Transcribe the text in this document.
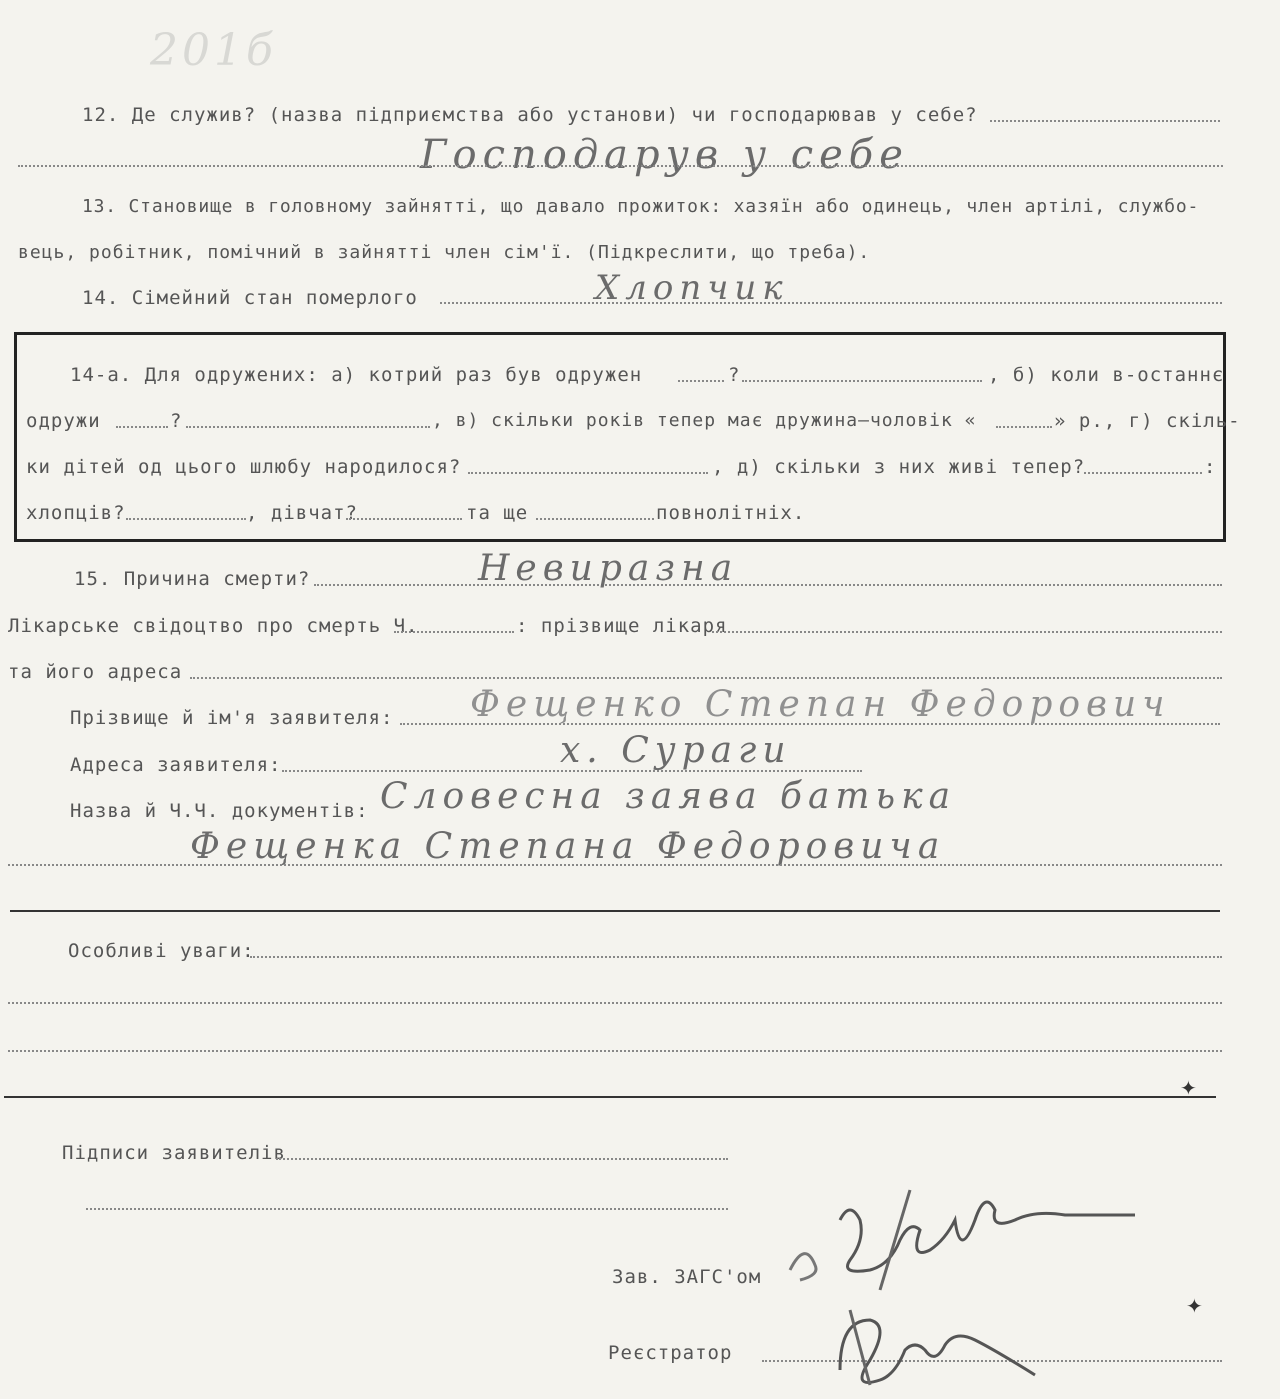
201б
12. Де служив? (назва підприємства або установи) чи господарював у себе?
Господарув у себе
13. Становище в головному зайнятті, що давало прожиток: хазяїн або одинець, член артілі, службо-
вець, робітник, помічний в зайнятті член сім'ї. (Підкреслити, що треба).
14. Сімейний стан померлого	Хлопчик
14-а. Для одружених: а) котрий раз був одружен	?	, б) коли в-останнє
одружи	?	, в) скільки років тепер має дружина—чоловік «	» р., г) скіль-
ки дітей од цього шлюбу народилося?	, д) скільки з них живі тепер?	:
хлопців?	, дівчат?	та ще	повнолітніх.
15. Причина смерти?	Невиразна
Лікарське свідоцтво про смерть Ч.	: прізвище лікаря
та його адреса
Прізвище й ім'я заявителя: Фещенко Степан Федорович
Адреса заявителя:	х. Сураги
Назва й Ч.Ч. документів: Словесна заява батька
Фещенка Степана Федоровича
Особливі уваги:
✦
Підписи заявителів
Зав. ЗАГС'ом
✦
Реєстратор
